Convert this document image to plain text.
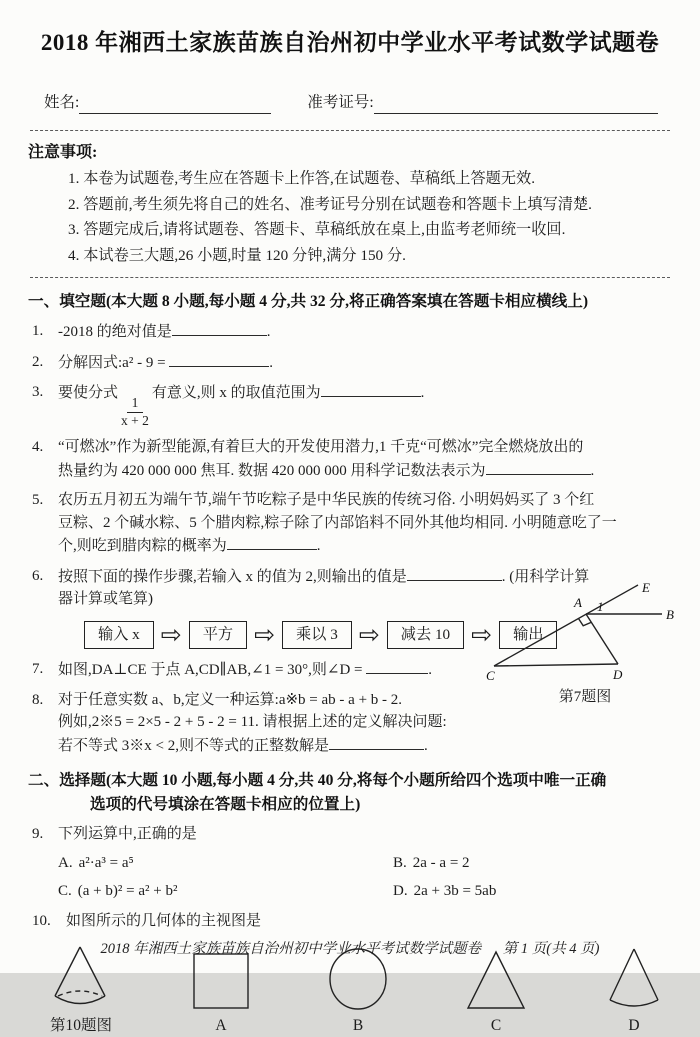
2018 年湘西土家族苗族自治州初中学业水平考试数学试题卷
姓名:	准考证号:
注意事项:
1. 本卷为试题卷,考生应在答题卡上作答,在试题卷、草稿纸上答题无效.
2. 答题前,考生须先将自己的姓名、准考证号分别在试题卷和答题卡上填写清楚.
3. 答题完成后,请将试题卷、答题卡、草稿纸放在桌上,由监考老师统一收回.
4. 本试卷三大题,26 小题,时量 120 分钟,满分 150 分.
一、填空题(本大题 8 小题,每小题 4 分,共 32 分,将正确答案填在答题卡相应横线上)
1. -2018 的绝对值是	.
2. 分解因式:a² - 9 =	.
3. 要使分式
$\frac{1}{x + 2}$
有意义,则 x 的取值范围为	.
4. “可燃冰”作为新型能源,有着巨大的开发使用潜力,1 千克“可燃冰”完全燃烧放出的
热量约为 420 000 000 焦耳. 数据 420 000 000 用科学记数法表示为	.
5. 农历五月初五为端午节,端午节吃粽子是中华民族的传统习俗. 小明妈妈买了 3 个红
豆粽、2 个碱水粽、5 个腊肉粽,粽子除了内部馅料不同外其他均相同. 小明随意吃了一
个,则吃到腊肉粽的概率为	.
6. 按照下面的操作步骤,若输入 x 的值为 2,则输出的值是	. (用科学计算
器计算或笔算)
输入 x ⇨	平方 ⇨	乘以 3 ⇨	减去 10 ⇨	输出
7. 如图,DA⊥CE 于点 A,CD∥AB,∠1 = 30°,则∠D =	.
8. 对于任意实数 a、b,定义一种运算:a※b = ab - a + b - 2.
例如,2※5 = 2×5 - 2 + 5 - 2 = 11. 请根据上述的定义解决问题:
若不等式 3※x < 2,则不等式的正整数解是	.
A
E
B
C	D
1
第7题图
二、选择题(本大题 10 小题,每小题 4 分,共 40 分,将每个小题所给四个选项中唯一正确
选项的代号填涂在答题卡相应的位置上)
9. 下列运算中,正确的是
A. a²·a³ = a⁵	B. 2a - a = 2
C. (a + b)² = a² + b²	D. 2a + 3b = 5ab
10.	如图所示的几何体的主视图是
第10题图	A	B	C	D
2018 年湘西土家族苗族自治州初中学业水平考试数学试题卷 第 1 页(共 4 页)
